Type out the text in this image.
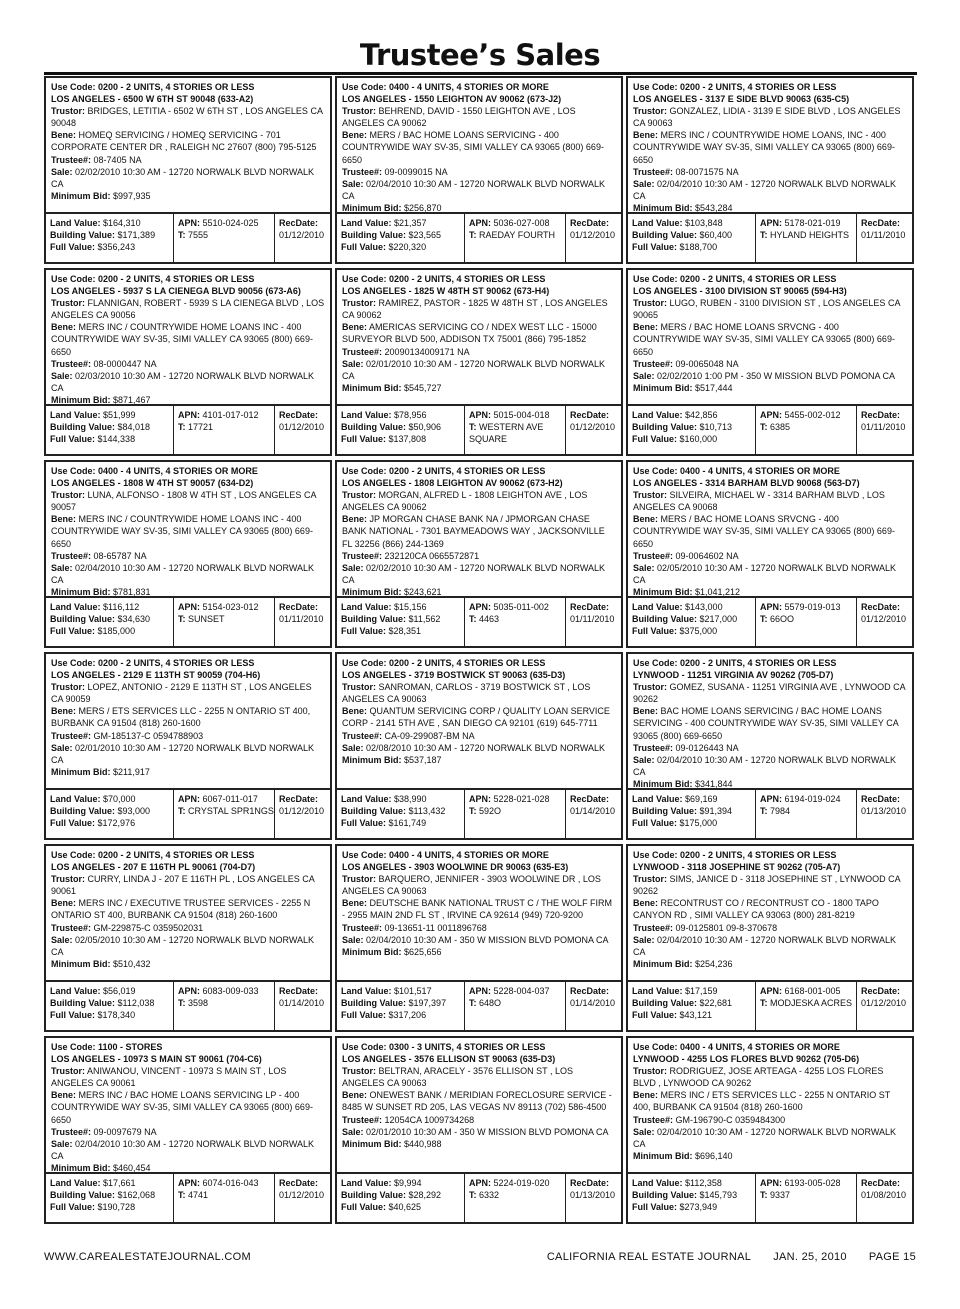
Trustee’s Sales
Use Code: 0200 - 2 UNITS, 4 STORIES OR LESS
LOS ANGELES - 6500 W 6TH ST 90048 (633-A2)
Trustor: BRIDGES, LETITIA - 6502 W 6TH ST , LOS ANGELES CA 90048
Bene: HOMEQ SERVICING / HOMEQ SERVICING - 701 CORPORATE CENTER DR , RALEIGH NC 27607 (800) 795-5125
Trustee#: 08-7405 NA
Sale: 02/02/2010 10:30 AM - 12720 NORWALK BLVD NORWALK CA
Minimum Bid: $997,935
Land Value: $164,310
Building Value: $171,389
Full Value: $356,243
APN: 5510-024-025
T: 7555
RecDate:
01/12/2010
Use Code: 0400 - 4 UNITS, 4 STORIES OR MORE
LOS ANGELES - 1550 LEIGHTON AV 90062 (673-J2)
Trustor: BEHREND, DAVID - 1550 LEIGHTON AVE , LOS ANGELES CA 90062
Bene: MERS / BAC HOME LOANS SERVICING - 400 COUNTRYWIDE WAY SV-35, SIMI VALLEY CA 93065 (800) 669-6650
Trustee#: 09-0099015 NA
Sale: 02/04/2010 10:30 AM - 12720 NORWALK BLVD NORWALK CA
Minimum Bid: $256,870
Land Value: $21,357
Building Value: $23,565
Full Value: $220,320
APN: 5036-027-008
T: RAEDAY FOURTH
RecDate:
01/12/2010
Use Code: 0200 - 2 UNITS, 4 STORIES OR LESS
LOS ANGELES - 3137 E SIDE BLVD 90063 (635-C5)
Trustor: GONZALEZ, LIDIA - 3139 E SIDE BLVD , LOS ANGELES CA 90063
Bene: MERS INC / COUNTRYWIDE HOME LOANS, INC - 400 COUNTRYWIDE WAY SV-35, SIMI VALLEY CA 93065 (800) 669-6650
Trustee#: 08-0071575 NA
Sale: 02/04/2010 10:30 AM - 12720 NORWALK BLVD NORWALK CA
Minimum Bid: $543,284
Land Value: $103,848
Building Value: $60,400
Full Value: $188,700
APN: 5178-021-019
T: HYLAND HEIGHTS
RecDate:
01/11/2010
Use Code: 0200 - 2 UNITS, 4 STORIES OR LESS
LOS ANGELES - 5937 S LA CIENEGA BLVD 90056 (673-A6)
Trustor: FLANNIGAN, ROBERT - 5939 S LA CIENEGA BLVD , LOS ANGELES CA 90056
Bene: MERS INC / COUNTRYWIDE HOME LOANS INC - 400 COUNTRYWIDE WAY SV-35, SIMI VALLEY CA 93065 (800) 669-6650
Trustee#: 08-0000447 NA
Sale: 02/03/2010 10:30 AM - 12720 NORWALK BLVD NORWALK CA
Minimum Bid: $871,467
Land Value: $51,999
Building Value: $84,018
Full Value: $144,338
APN: 4101-017-012
T: 17721
RecDate:
01/12/2010
Use Code: 0200 - 2 UNITS, 4 STORIES OR LESS
LOS ANGELES - 1825 W 48TH ST 90062 (673-H4)
Trustor: RAMIREZ, PASTOR - 1825 W 48TH ST , LOS ANGELES CA 90062
Bene: AMERICAS SERVICING CO / NDEX WEST LLC - 15000 SURVEYOR BLVD 500, ADDISON TX 75001 (866) 795-1852
Trustee#: 20090134009171 NA
Sale: 02/01/2010 10:30 AM - 12720 NORWALK BLVD NORWALK CA
Minimum Bid: $545,727
Land Value: $78,956
Building Value: $50,906
Full Value: $137,808
APN: 5015-004-018
T: WESTERN AVE SQUARE
RecDate:
01/12/2010
Use Code: 0200 - 2 UNITS, 4 STORIES OR LESS
LOS ANGELES - 3100 DIVISION ST 90065 (594-H3)
Trustor: LUGO, RUBEN - 3100 DIVISION ST , LOS ANGELES CA 90065
Bene: MERS / BAC HOME LOANS SRVCNG - 400 COUNTRYWIDE WAY SV-35, SIMI VALLEY CA 93065 (800) 669-6650
Trustee#: 09-0065048 NA
Sale: 02/02/2010 1:00 PM - 350 W MISSION BLVD POMONA CA
Minimum Bid: $517,444
Land Value: $42,856
Building Value: $10,713
Full Value: $160,000
APN: 5455-002-012
T: 6385
RecDate:
01/11/2010
Use Code: 0400 - 4 UNITS, 4 STORIES OR MORE
LOS ANGELES - 1808 W 4TH ST 90057 (634-D2)
Trustor: LUNA, ALFONSO - 1808 W 4TH ST , LOS ANGELES CA 90057
Bene: MERS INC / COUNTRYWIDE HOME LOANS INC - 400 COUNTRYWIDE WAY SV-35, SIMI VALLEY CA 93065 (800) 669-6650
Trustee#: 08-65787 NA
Sale: 02/04/2010 10:30 AM - 12720 NORWALK BLVD NORWALK CA
Minimum Bid: $781,831
Land Value: $116,112
Building Value: $34,630
Full Value: $185,000
APN: 5154-023-012
T: SUNSET
RecDate:
01/11/2010
Use Code: 0200 - 2 UNITS, 4 STORIES OR LESS
LOS ANGELES - 1808 LEIGHTON AV 90062 (673-H2)
Trustor: MORGAN, ALFRED L - 1808 LEIGHTON AVE , LOS ANGELES CA 90062
Bene: JP MORGAN CHASE BANK NA / JPMORGAN CHASE BANK NATIONAL - 7301 BAYMEADOWS WAY , JACKSONVILLE FL 32256 (866) 244-1369
Trustee#: 232120CA 0665572871
Sale: 02/02/2010 10:30 AM - 12720 NORWALK BLVD NORWALK CA
Minimum Bid: $243,621
Land Value: $15,156
Building Value: $11,562
Full Value: $28,351
APN: 5035-011-002
T: 4463
RecDate:
01/11/2010
Use Code: 0400 - 4 UNITS, 4 STORIES OR MORE
LOS ANGELES - 3314 BARHAM BLVD 90068 (563-D7)
Trustor: SILVEIRA, MICHAEL W - 3314 BARHAM BLVD , LOS ANGELES CA 90068
Bene: MERS / BAC HOME LOANS SRVCNG - 400 COUNTRYWIDE WAY SV-35, SIMI VALLEY CA 93065 (800) 669-6650
Trustee#: 09-0064602 NA
Sale: 02/05/2010 10:30 AM - 12720 NORWALK BLVD NORWALK CA
Minimum Bid: $1,041,212
Land Value: $143,000
Building Value: $217,000
Full Value: $375,000
APN: 5579-019-013
T: 66OO
RecDate:
01/12/2010
Use Code: 0200 - 2 UNITS, 4 STORIES OR LESS
LOS ANGELES - 2129 E 113TH ST 90059 (704-H6)
Trustor: LOPEZ, ANTONIO - 2129 E 113TH ST , LOS ANGELES CA 90059
Bene: MERS / ETS SERVICES LLC - 2255 N ONTARIO ST 400, BURBANK CA 91504 (818) 260-1600
Trustee#: GM-185137-C 0594788903
Sale: 02/01/2010 10:30 AM - 12720 NORWALK BLVD NORWALK CA
Minimum Bid: $211,917
Land Value: $70,000
Building Value: $93,000
Full Value: $172,976
APN: 6067-011-017
T: CRYSTAL SPR1NGS
RecDate:
01/12/2010
Use Code: 0200 - 2 UNITS, 4 STORIES OR LESS
LOS ANGELES - 3719 BOSTWICK ST 90063 (635-D3)
Trustor: SANROMAN, CARLOS - 3719 BOSTWICK ST , LOS ANGELES CA 90063
Bene: QUANTUM SERVICING CORP / QUALITY LOAN SERVICE CORP - 2141 5TH AVE , SAN DIEGO CA 92101 (619) 645-7711
Trustee#: CA-09-299087-BM NA
Sale: 02/08/2010 10:30 AM - 12720 NORWALK BLVD NORWALK
Minimum Bid: $537,187
Land Value: $38,990
Building Value: $113,432
Full Value: $161,749
APN: 5228-021-028
T: 592O
RecDate:
01/14/2010
Use Code: 0200 - 2 UNITS, 4 STORIES OR LESS
LYNWOOD - 11251 VIRGINIA AV 90262 (705-D7)
Trustor: GOMEZ, SUSANA - 11251 VIRGINIA AVE , LYNWOOD CA 90262
Bene: BAC HOME LOANS SERVICING / BAC HOME LOANS SERVICING - 400 COUNTRYWIDE WAY SV-35, SIMI VALLEY CA 93065 (800) 669-6650
Trustee#: 09-0126443 NA
Sale: 02/04/2010 10:30 AM - 12720 NORWALK BLVD NORWALK CA
Minimum Bid: $341,844
Land Value: $69,169
Building Value: $91,394
Full Value: $175,000
APN: 6194-019-024
T: 7984
RecDate:
01/13/2010
Use Code: 0200 - 2 UNITS, 4 STORIES OR LESS
LOS ANGELES - 207 E 116TH PL 90061 (704-D7)
Trustor: CURRY, LINDA J - 207 E 116TH PL , LOS ANGELES CA 90061
Bene: MERS INC / EXECUTIVE TRUSTEE SERVICES - 2255 N ONTARIO ST 400, BURBANK CA 91504 (818) 260-1600
Trustee#: GM-229875-C 0359502031
Sale: 02/05/2010 10:30 AM - 12720 NORWALK BLVD NORWALK CA
Minimum Bid: $510,432
Land Value: $56,019
Building Value: $112,038
Full Value: $178,340
APN: 6083-009-033
T: 3598
RecDate:
01/14/2010
Use Code: 0400 - 4 UNITS, 4 STORIES OR MORE
LOS ANGELES - 3903 WOOLWINE DR 90063 (635-E3)
Trustor: BARQUERO, JENNIFER - 3903 WOOLWINE DR , LOS ANGELES CA 90063
Bene: DEUTSCHE BANK NATIONAL TRUST C / THE WOLF FIRM - 2955 MAIN 2ND FL ST , IRVINE CA 92614 (949) 720-9200
Trustee#: 09-13651-11 0011896768
Sale: 02/04/2010 10:30 AM - 350 W MISSION BLVD POMONA CA
Minimum Bid: $625,656
Land Value: $101,517
Building Value: $197,397
Full Value: $317,206
APN: 5228-004-037
T: 648O
RecDate:
01/14/2010
Use Code: 0200 - 2 UNITS, 4 STORIES OR LESS
LYNWOOD - 3118 JOSEPHINE ST 90262 (705-A7)
Trustor: SIMS, JANICE D - 3118 JOSEPHINE ST , LYNWOOD CA 90262
Bene: RECONTRUST CO / RECONTRUST CO - 1800 TAPO CANYON RD , SIMI VALLEY CA 93063 (800) 281-8219
Trustee#: 09-0125801 09-8-370678
Sale: 02/04/2010 10:30 AM - 12720 NORWALK BLVD NORWALK CA
Minimum Bid: $254,236
Land Value: $17,159
Building Value: $22,681
Full Value: $43,121
APN: 6168-001-005
T: MODJESKA ACRES
RecDate:
01/12/2010
Use Code: 1100 - STORES
LOS ANGELES - 10973 S MAIN ST 90061 (704-C6)
Trustor: ANIWANOU, VINCENT - 10973 S MAIN ST , LOS ANGELES CA 90061
Bene: MERS INC / BAC HOME LOANS SERVICING LP - 400 COUNTRYWIDE WAY SV-35, SIMI VALLEY CA 93065 (800) 669-6650
Trustee#: 09-0097679 NA
Sale: 02/04/2010 10:30 AM - 12720 NORWALK BLVD NORWALK CA
Minimum Bid: $460,454
Land Value: $17,661
Building Value: $162,068
Full Value: $190,728
APN: 6074-016-043
T: 4741
RecDate:
01/12/2010
Use Code: 0300 - 3 UNITS, 4 STORIES OR LESS
LOS ANGELES - 3576 ELLISON ST 90063 (635-D3)
Trustor: BELTRAN, ARACELY - 3576 ELLISON ST , LOS ANGELES CA 90063
Bene: ONEWEST BANK / MERIDIAN FORECLOSURE SERVICE - 8485 W SUNSET RD 205, LAS VEGAS NV 89113 (702) 586-4500
Trustee#: 12054CA 1009734268
Sale: 02/01/2010 10:30 AM - 350 W MISSION BLVD POMONA CA
Minimum Bid: $440,988
Land Value: $9,994
Building Value: $28,292
Full Value: $40,625
APN: 5224-019-020
T: 6332
RecDate:
01/13/2010
Use Code: 0400 - 4 UNITS, 4 STORIES OR MORE
LYNWOOD - 4255 LOS FLORES BLVD 90262 (705-D6)
Trustor: RODRIGUEZ, JOSE ARTEAGA - 4255 LOS FLORES BLVD , LYNWOOD CA 90262
Bene: MERS INC / ETS SERVICES LLC - 2255 N ONTARIO ST 400, BURBANK CA 91504 (818) 260-1600
Trustee#: GM-196790-C 0359484300
Sale: 02/04/2010 10:30 AM - 12720 NORWALK BLVD NORWALK CA
Minimum Bid: $696,140
Land Value: $112,358
Building Value: $145,793
Full Value: $273,949
APN: 6193-005-028
T: 9337
RecDate:
01/08/2010
WWW.CAREALESTATEJOURNAL.COM	CALIFORNIA REAL ESTATE JOURNAL JAN. 25, 2010 PAGE 15
